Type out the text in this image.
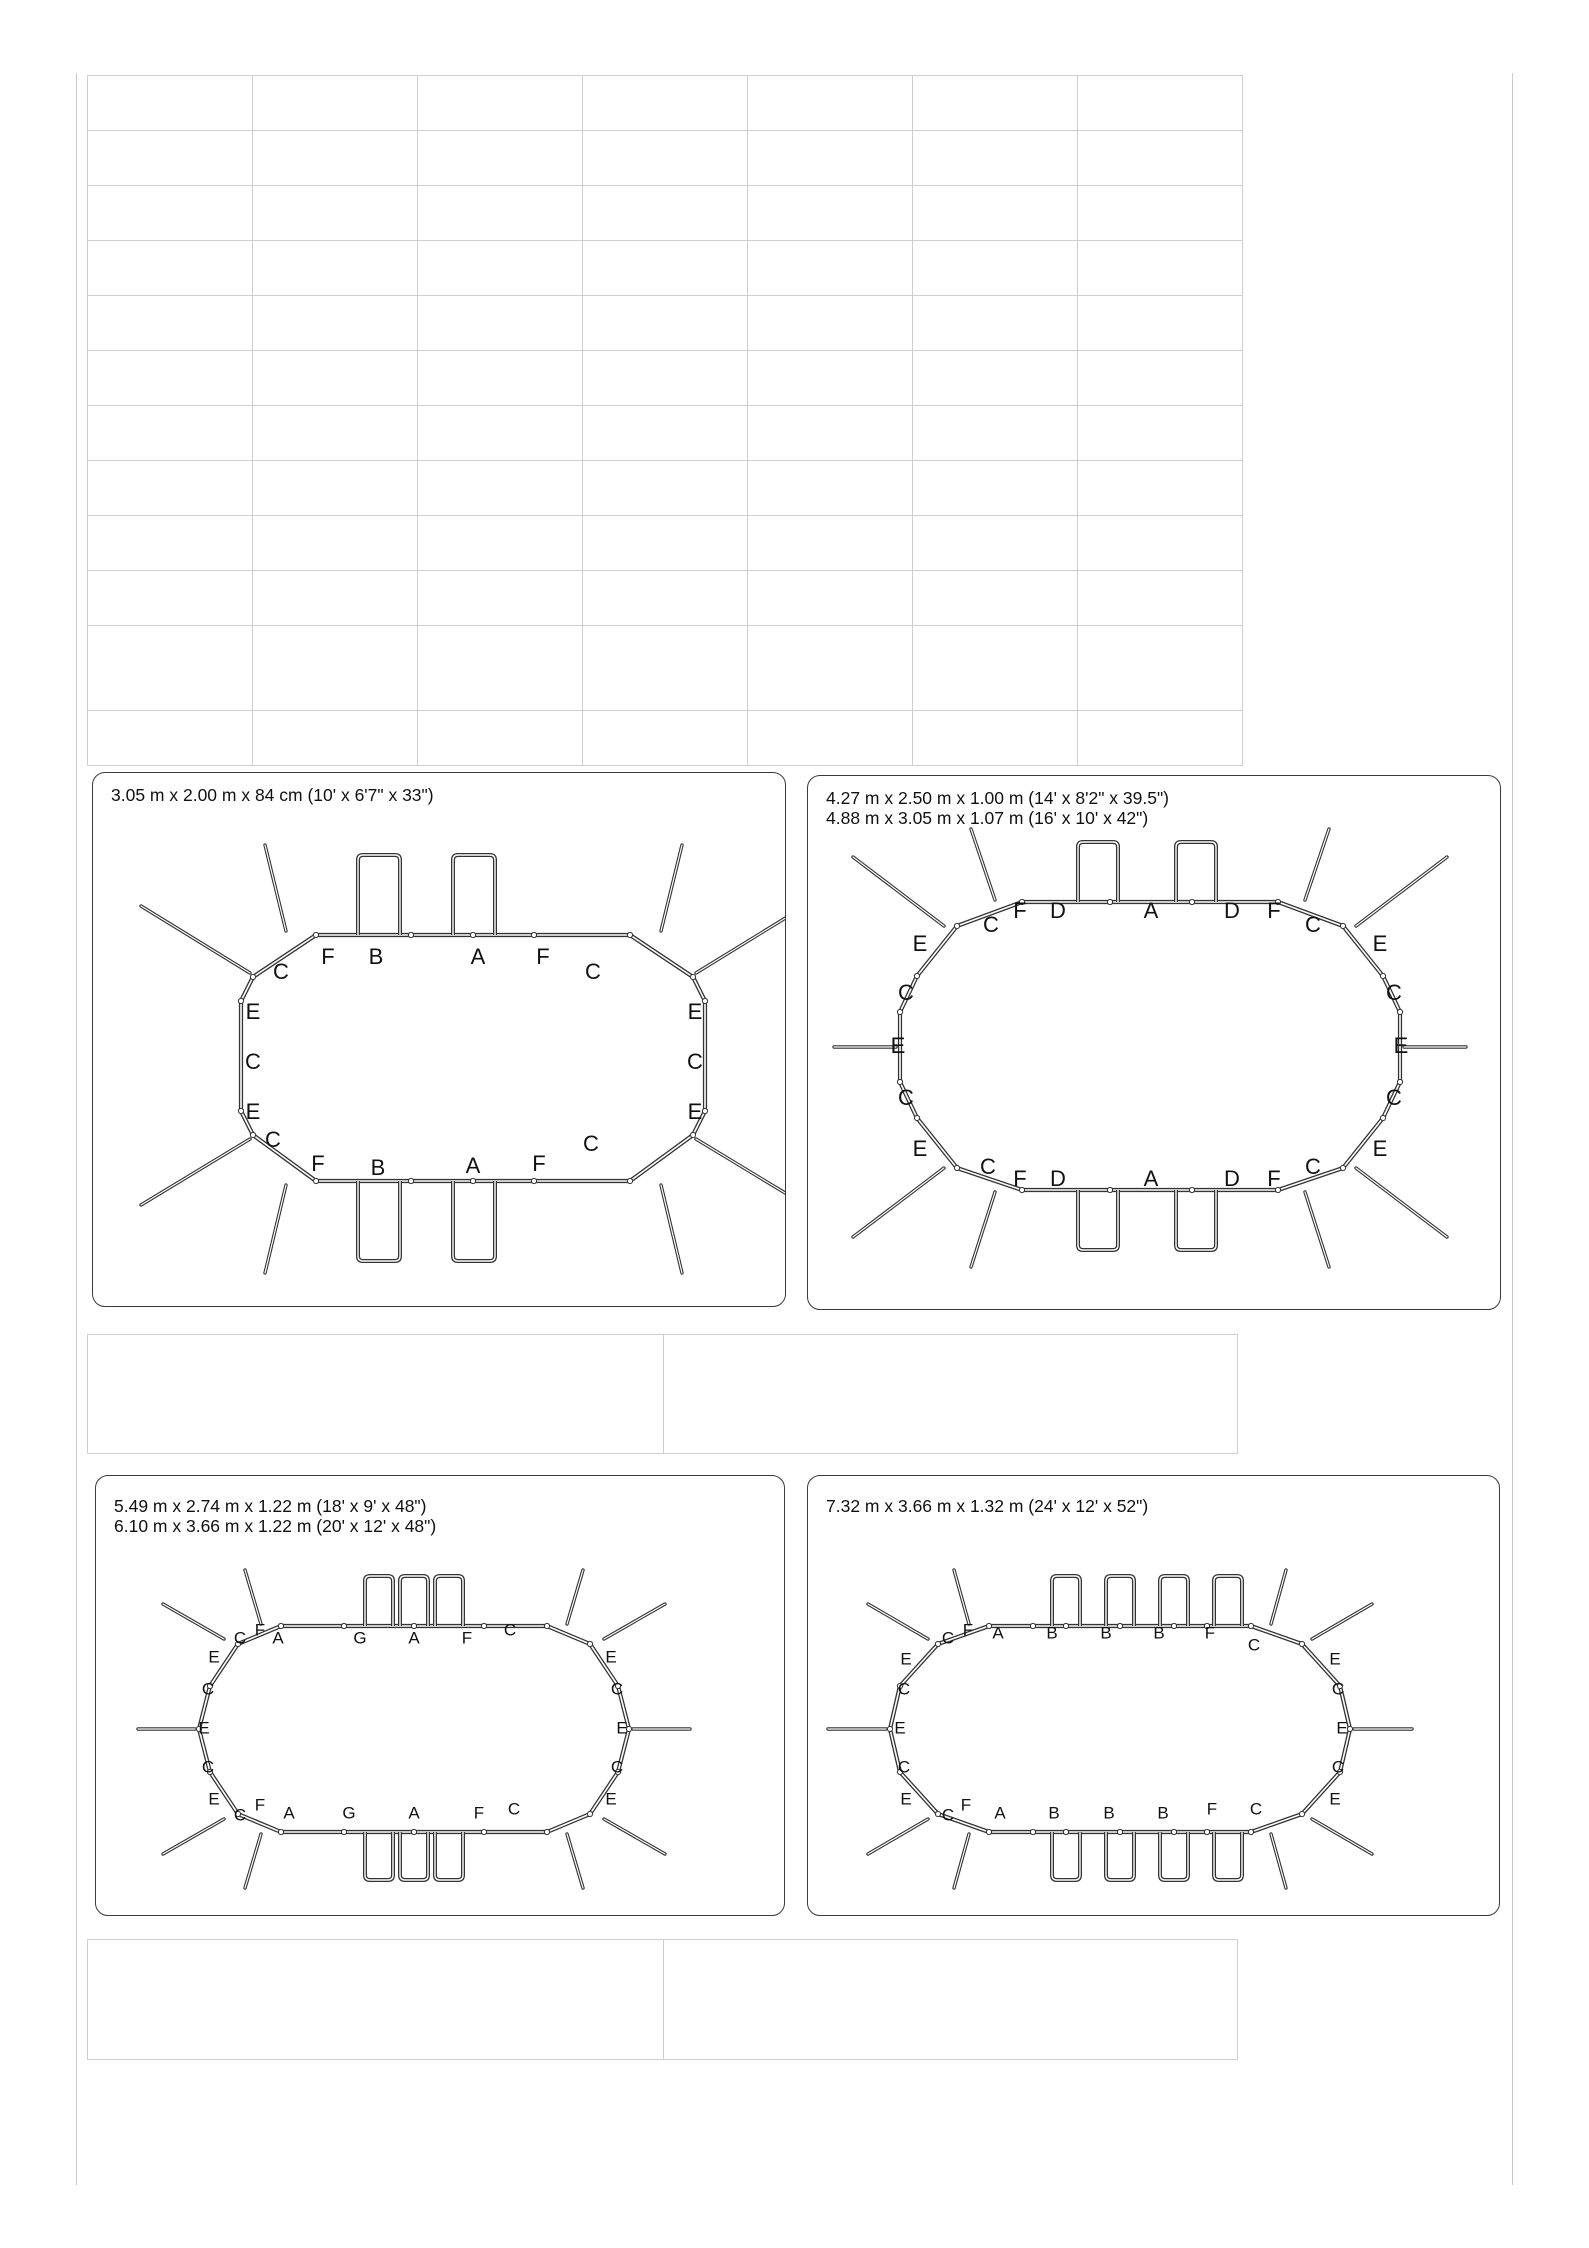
3.05 m x 2.00 m x 84 cm (10' x 6'7" x 33")
C
F B	A F
C
C
F B	A F
C
E
C
E
E
C
E
4.27 m x 2.50 m x 1.00 m (14' x 8'2" x 39.5")
4.88 m x 3.05 m x 1.07 m (16' x 10' x 42")
C
F D	A	D F
C
C F D	A	D F C
E
C
E
C
E
E
C
E
C
E
5.49 m x 2.74 m x 1.22 m (18' x 9' x 48")
6.10 m x 3.66 m x 1.22 m (20' x 12' x 48")
C F A	G A F C
C
F A	G	A	F C
E
C
E
C
E
E
C
E
C
E
7.32 m x 3.66 m x 1.32 m (24' x 12' x 52")
C F A	B	B B F
C
C
F A	B	B	B F C
E
C
E
C
E
E
C
E
C
E
